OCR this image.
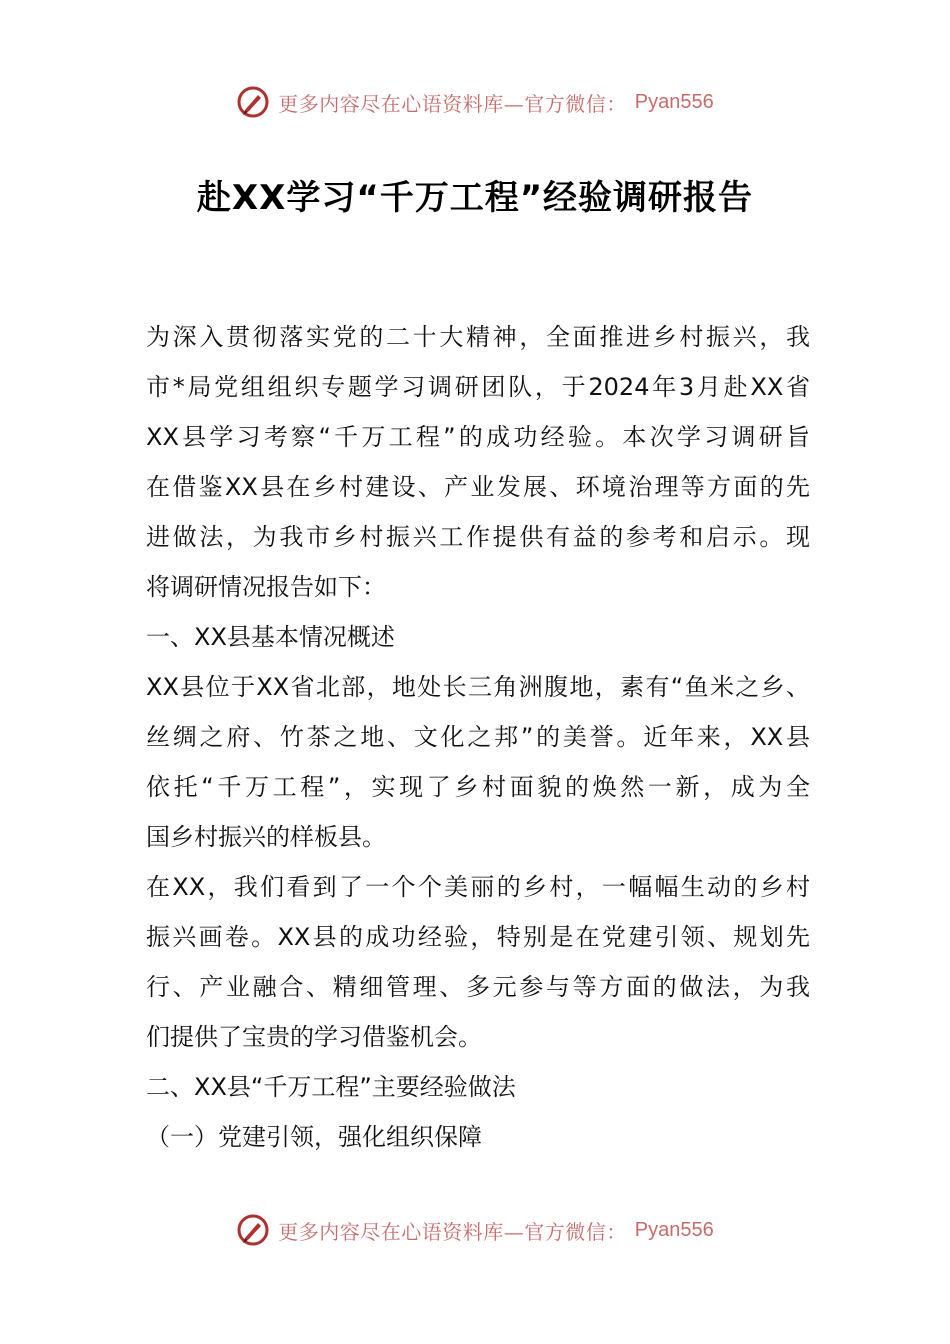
更多内容尽在心语资料库—官方微信： Pyan556
赴XX学习“千万工程”经验调研报告
为深入贯彻落实党的二十大精神，全面推进乡村振兴，我
市*局党组组织专题学习调研团队，于2024年3月赴XX省
XX县学习考察“千万工程”的成功经验。本次学习调研旨
在借鉴XX县在乡村建设、产业发展、环境治理等方面的先
进做法，为我市乡村振兴工作提供有益的参考和启示。现
将调研情况报告如下：
一、XX县基本情况概述
XX县位于XX省北部，地处长三角洲腹地，素有“鱼米之乡、
丝绸之府、竹茶之地、文化之邦”的美誉。近年来，XX县
依托“千万工程”，实现了乡村面貌的焕然一新，成为全
国乡村振兴的样板县。
在XX，我们看到了一个个美丽的乡村，一幅幅生动的乡村
振兴画卷。XX县的成功经验，特别是在党建引领、规划先
行、产业融合、精细管理、多元参与等方面的做法，为我
们提供了宝贵的学习借鉴机会。
二、XX县“千万工程”主要经验做法
（一）党建引领，强化组织保障
更多内容尽在心语资料库—官方微信： Pyan556
